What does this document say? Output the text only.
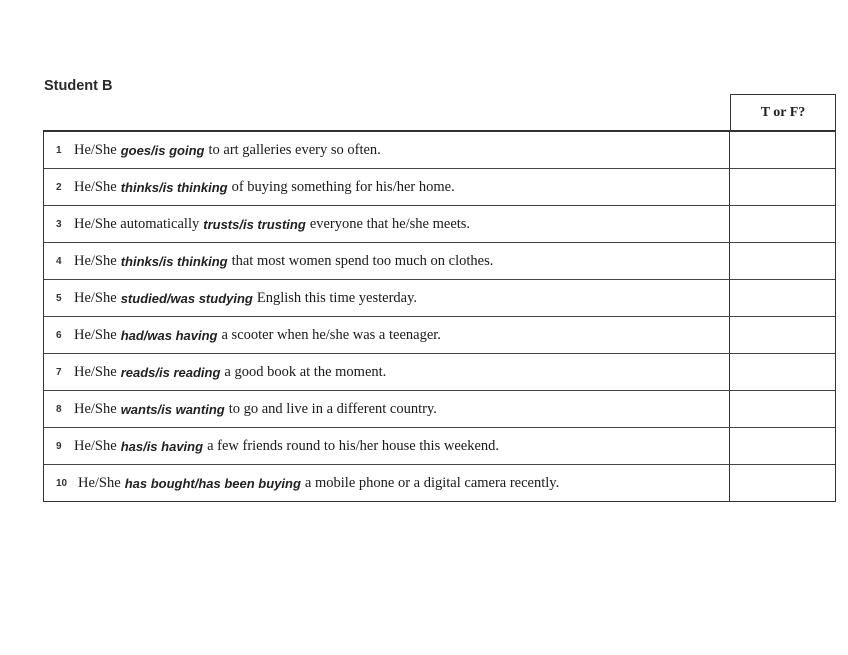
Student B
T or F?
1 He/She goes/is going to art galleries every so often.
2 He/She thinks/is thinking of buying something for his/her home.
3 He/She automatically trusts/is trusting everyone that he/she meets.
4 He/She thinks/is thinking that most women spend too much on clothes.
5 He/She studied/was studying English this time yesterday.
6 He/She had/was having a scooter when he/she was a teenager.
7 He/She reads/is reading a good book at the moment.
8 He/She wants/is wanting to go and live in a different country.
9 He/She has/is having a few friends round to his/her house this weekend.
10 He/She has bought/has been buying a mobile phone or a digital camera recently.
